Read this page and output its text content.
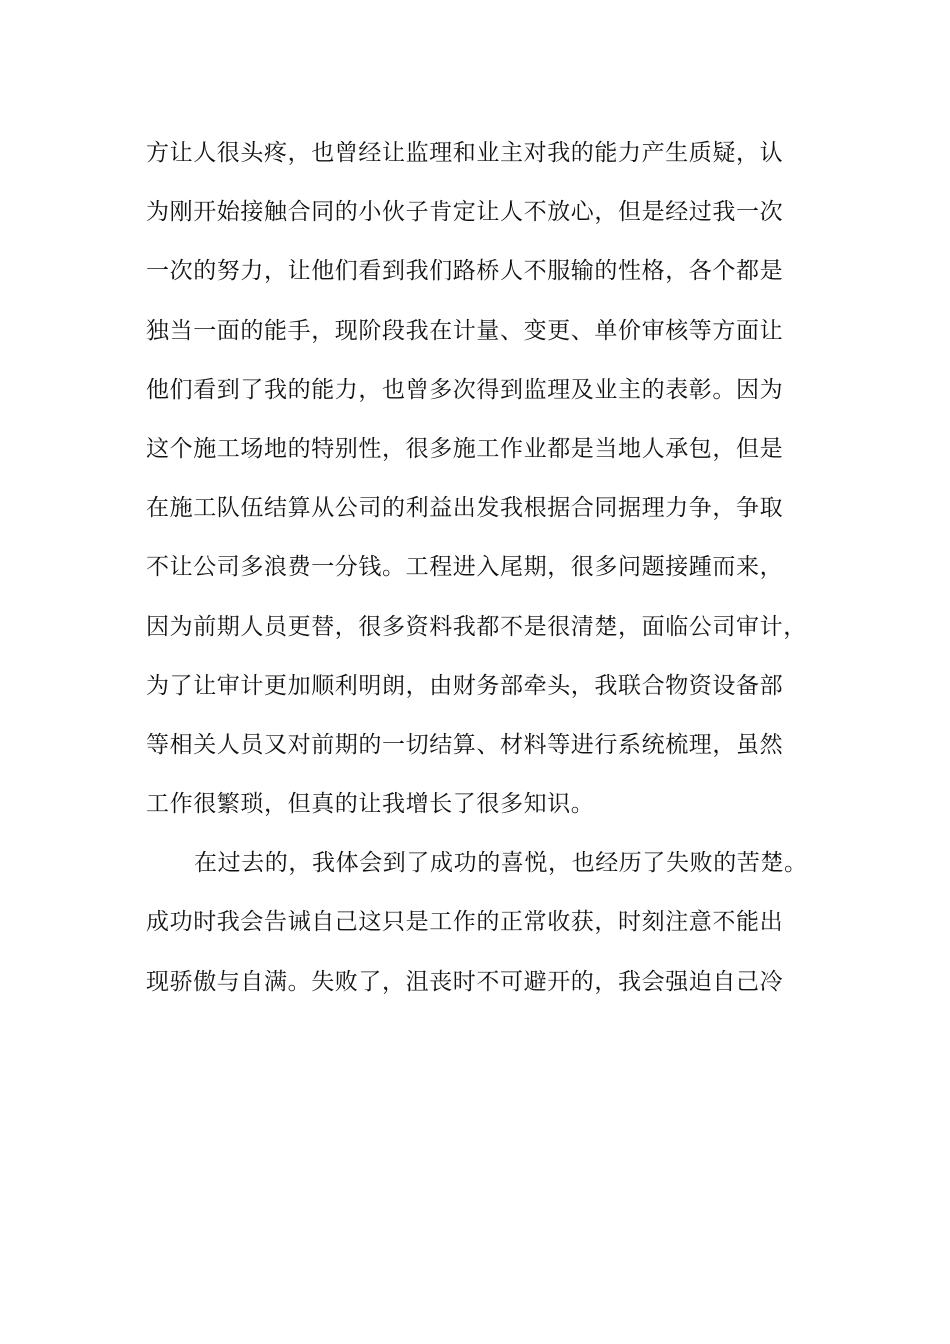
方让人很头疼，也曾经让监理和业主对我的能力产生质疑，认
为刚开始接触合同的小伙子肯定让人不放心，但是经过我一次
一次的努力，让他们看到我们路桥人不服输的性格，各个都是
独当一面的能手，现阶段我在计量、变更、单价审核等方面让
他们看到了我的能力，也曾多次得到监理及业主的表彰。因为
这个施工场地的特别性，很多施工作业都是当地人承包，但是
在施工队伍结算从公司的利益出发我根据合同据理力争，争取
不让公司多浪费一分钱。工程进入尾期，很多问题接踵而来，
因为前期人员更替，很多资料我都不是很清楚，面临公司审计，
为了让审计更加顺利明朗，由财务部牵头，我联合物资设备部
等相关人员又对前期的一切结算、材料等进行系统梳理，虽然
工作很繁琐，但真的让我增长了很多知识。
在过去的，我体会到了成功的喜悦，也经历了失败的苦楚。
成功时我会告诫自己这只是工作的正常收获，时刻注意不能出
现骄傲与自满。失败了，沮丧时不可避开的，我会强迫自己冷
